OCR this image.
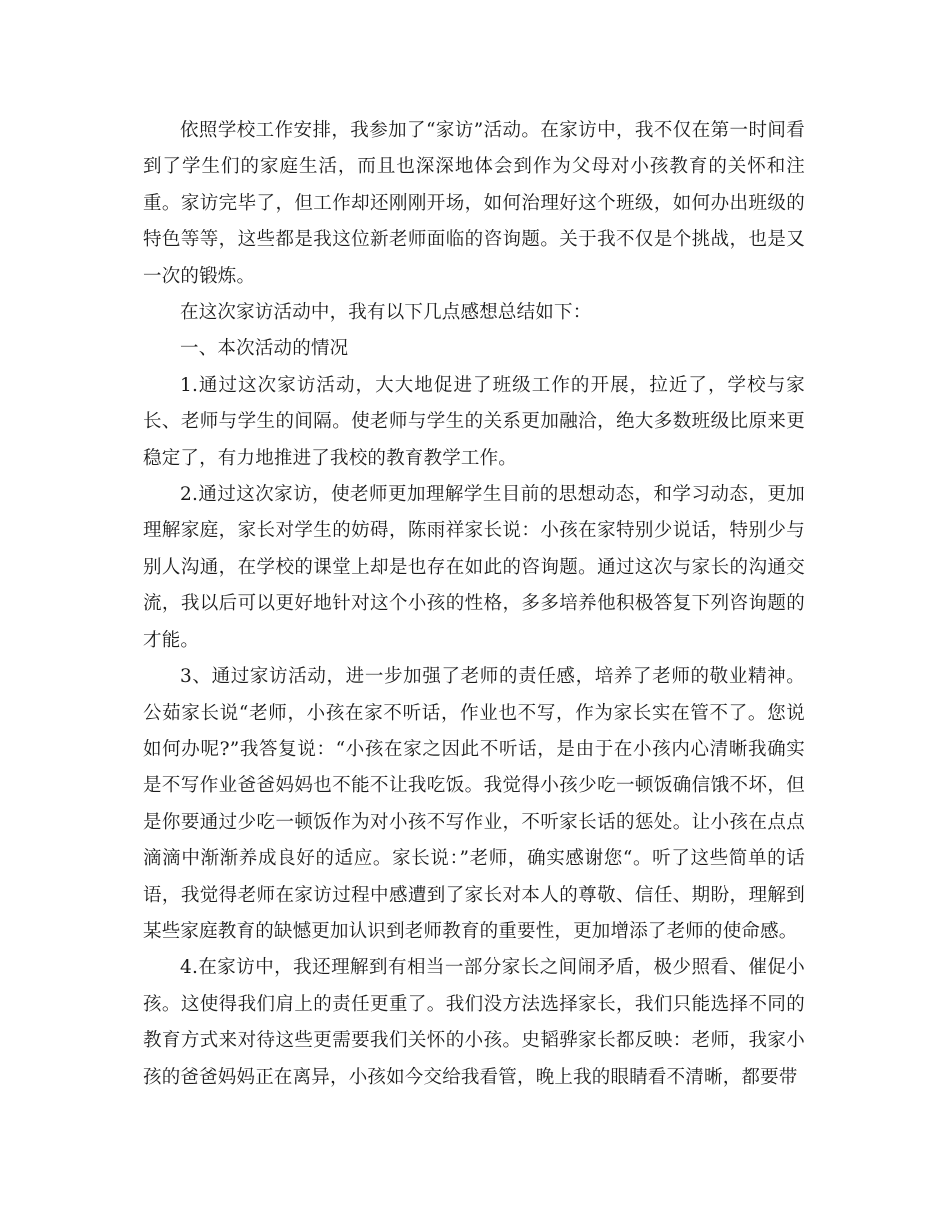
依照学校工作安排，我参加了“家访”活动。在家访中，我不仅在第一时间看到了学生们的家庭生活，而且也深深地体会到作为父母对小孩教育的关怀和注重。家访完毕了，但工作却还刚刚开场，如何治理好这个班级，如何办出班级的特色等等，这些都是我这位新老师面临的咨询题。关于我不仅是个挑战，也是又一次的锻炼。

在这次家访活动中，我有以下几点感想总结如下：

一、本次活动的情况

1.通过这次家访活动，大大地促进了班级工作的开展，拉近了，学校与家长、老师与学生的间隔。使老师与学生的关系更加融洽，绝大多数班级比原来更稳定了，有力地推进了我校的教育教学工作。

2.通过这次家访，使老师更加理解学生目前的思想动态，和学习动态，更加理解家庭，家长对学生的妨碍，陈雨祥家长说：小孩在家特别少说话，特别少与别人沟通，在学校的课堂上却是也存在如此的咨询题。通过这次与家长的沟通交流，我以后可以更好地针对这个小孩的性格，多多培养他积极答复下列咨询题的才能。

3、通过家访活动，进一步加强了老师的责任感，培养了老师的敬业精神。公茹家长说“老师，小孩在家不听话，作业也不写，作为家长实在管不了。您说如何办呢?”我答复说：“小孩在家之因此不听话，是由于在小孩内心清晰我确实是不写作业爸爸妈妈也不能不让我吃饭。我觉得小孩少吃一顿饭确信饿不坏，但是你要通过少吃一顿饭作为对小孩不写作业，不听家长话的惩处。让小孩在点点滴滴中渐渐养成良好的适应。家长说：”老师，确实感谢您“。听了这些简单的话语，我觉得老师在家访过程中感遭到了家长对本人的尊敬、信任、期盼，理解到某些家庭教育的缺憾更加认识到老师教育的重要性，更加增添了老师的使命感。

4.在家访中，我还理解到有相当一部分家长之间闹矛盾，极少照看、催促小孩。这使得我们肩上的责任更重了。我们没方法选择家长，我们只能选择不同的教育方式来对待这些更需要我们关怀的小孩。史韬骅家长都反映：老师，我家小孩的爸爸妈妈正在离异，小孩如今交给我看管，晚上我的眼睛看不清晰，都要带
